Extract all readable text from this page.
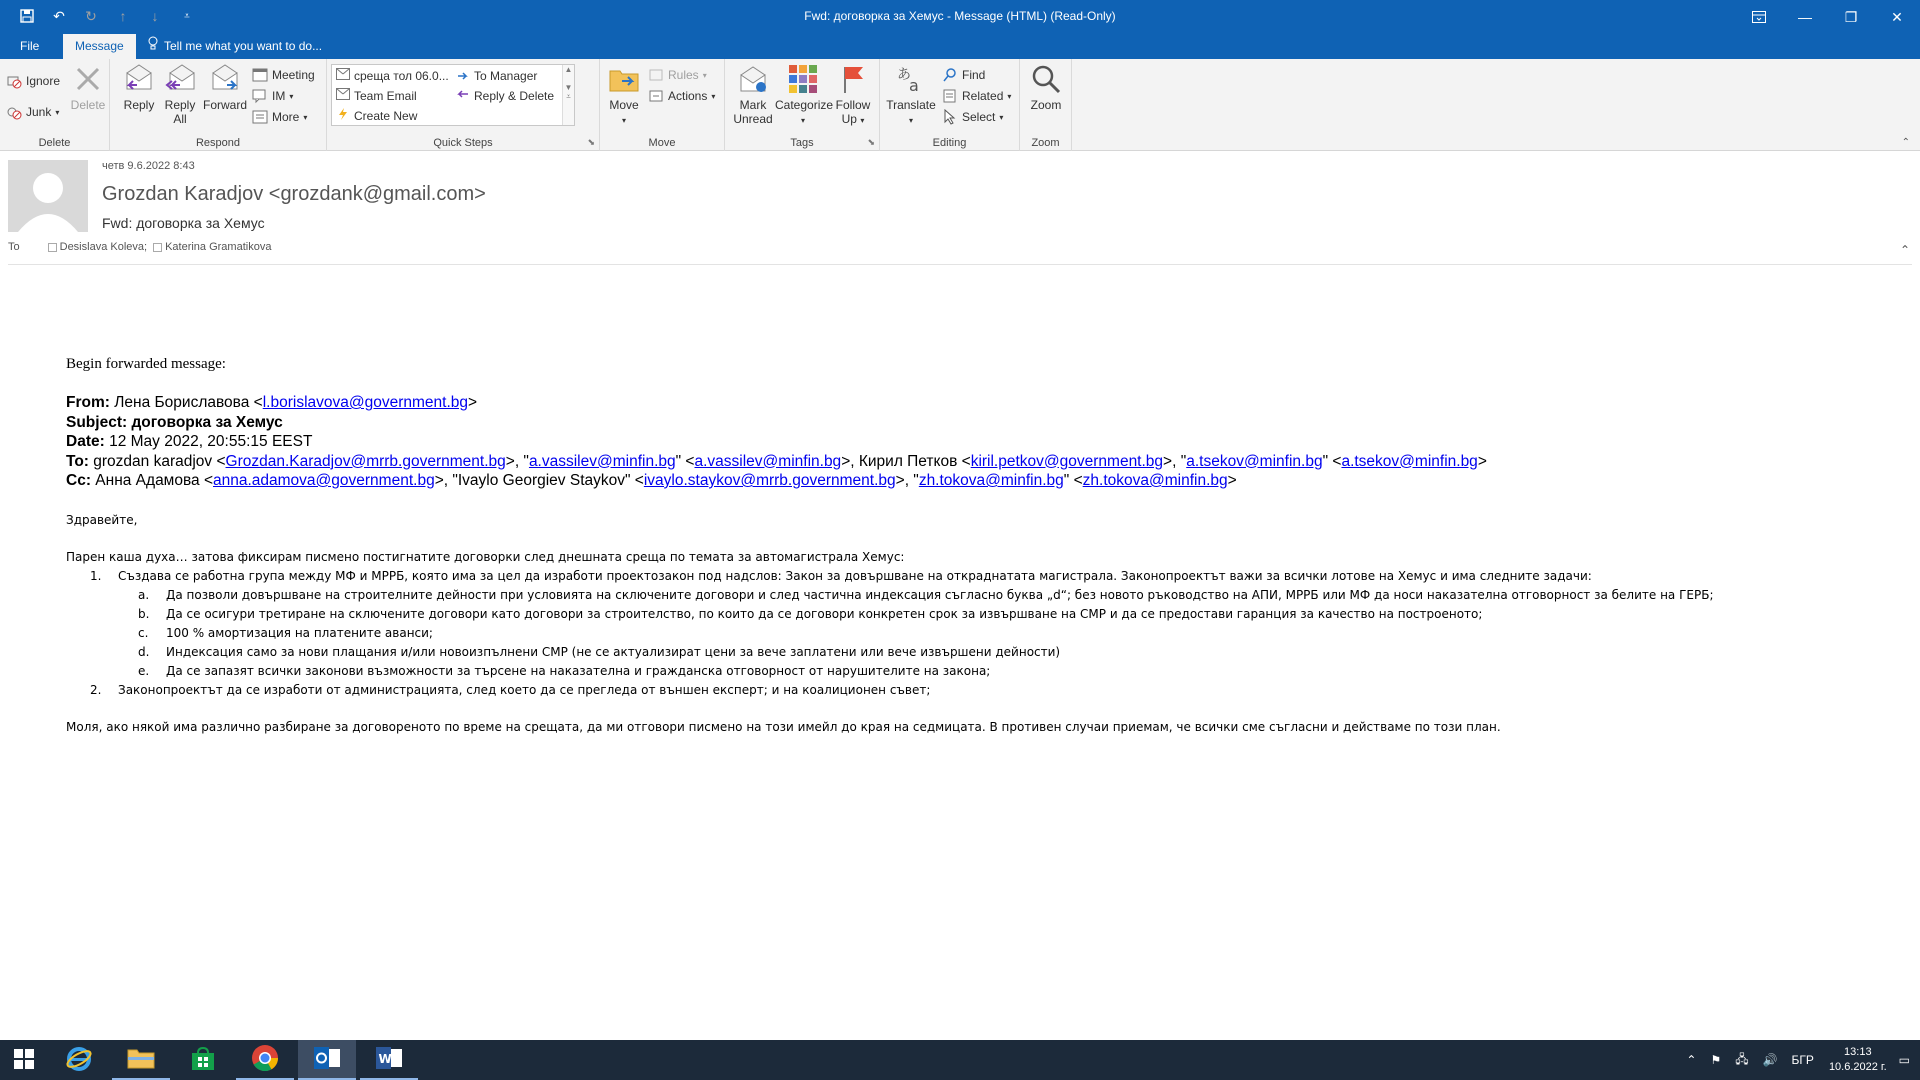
↶ ↻	↑	↓	⩡	Fwd: договорка за Хемус - Message (HTML) (Read-Only)	—	❐	✕
File	Message	Tell me what you want to do...
Ignore
Junk ▾ Delete
Delete
Reply Reply
All
Forward
Meeting
IM ▾
More ▾
Respond
среща тол 06.0... To Manager
Team Email	Reply & Delete
Create New
▲

▼
⩡
Quick Steps	⬊
Move
▾
Rules ▾
Actions ▾
Move
Mark
Unread
Categorize
▾
Follow
Up ▾
Tags	⬊
あ
a
Translate
▾
Find
Related ▾
Select ▾
Editing
Zoom
Zoom	⌃
четв 9.6.2022 8:43
Grozdan Karadjov <grozdank@gmail.com>
Fwd: договорка за Хемус
To	Desislava Koleva; Katerina Gramatikova	⌃
Begin forwarded message:
From: Лена Бориславова <l.borislavova@government.bg>
Subject: договорка за Хемус
Date: 12 May 2022, 20:55:15 EEST
To: grozdan karadjov <Grozdan.Karadjov@mrrb.government.bg>, "a.vassilev@minfin.bg" <a.vassilev@minfin.bg>, Кирил Петков <kiril.petkov@government.bg>, "a.tsekov@minfin.bg" <a.tsekov@minfin.bg>
Cc: Анна Адамова <anna.adamova@government.bg>, "Ivaylo Georgiev Staykov" <ivaylo.staykov@mrrb.government.bg>, "zh.tokova@minfin.bg" <zh.tokova@minfin.bg>
Здравейте,
Парен каша духа… затова фиксирам писмено постигнатите договорки след днешната среща по темата за автомагистрала Хемус:
1. Създава се работна група между МФ и МРРБ, която има за цел да изработи проектозакон под надслов: Закон за довършване на откраднатата магистрала. Законопроектът важи за всички лотове на Хемус и има следните задачи:
a. Да позволи довършване на строителните дейности при условията на сключените договори и след частична индексация съгласно буква „d“; без новото ръководство на АПИ, МРРБ или МФ да носи наказателна отговорност за белите на ГЕРБ;
b. Да се осигури третиране на сключените договори като договори за строителство, по които да се договори конкретен срок за извършване на СМР и да се предостави гаранция за качество на построеното;
c. 100 % амортизация на платените аванси;
d. Индексация само за нови плащания и/или новоизпълнени СМР (не се актуализират цени за вече заплатени или вече извършени дейности)
e. Да се запазят всички законови възможности за търсене на наказателна и гражданска отговорност от нарушителите на закона;
2. Законопроектът да се изработи от администрацията, след което да се прегледа от външен експерт; и на коалиционен съвет;
Моля, ако някой има различно разбиране за договореното по време на срещата, да ми отговори писмено на този имейл до края на седмицата. В противен случаи приемам, че всички сме съгласни и действаме по този план.
W	⌃ ⚑ 🖧 🔊 БГР
13:13
10.6.2022 г. ▭
